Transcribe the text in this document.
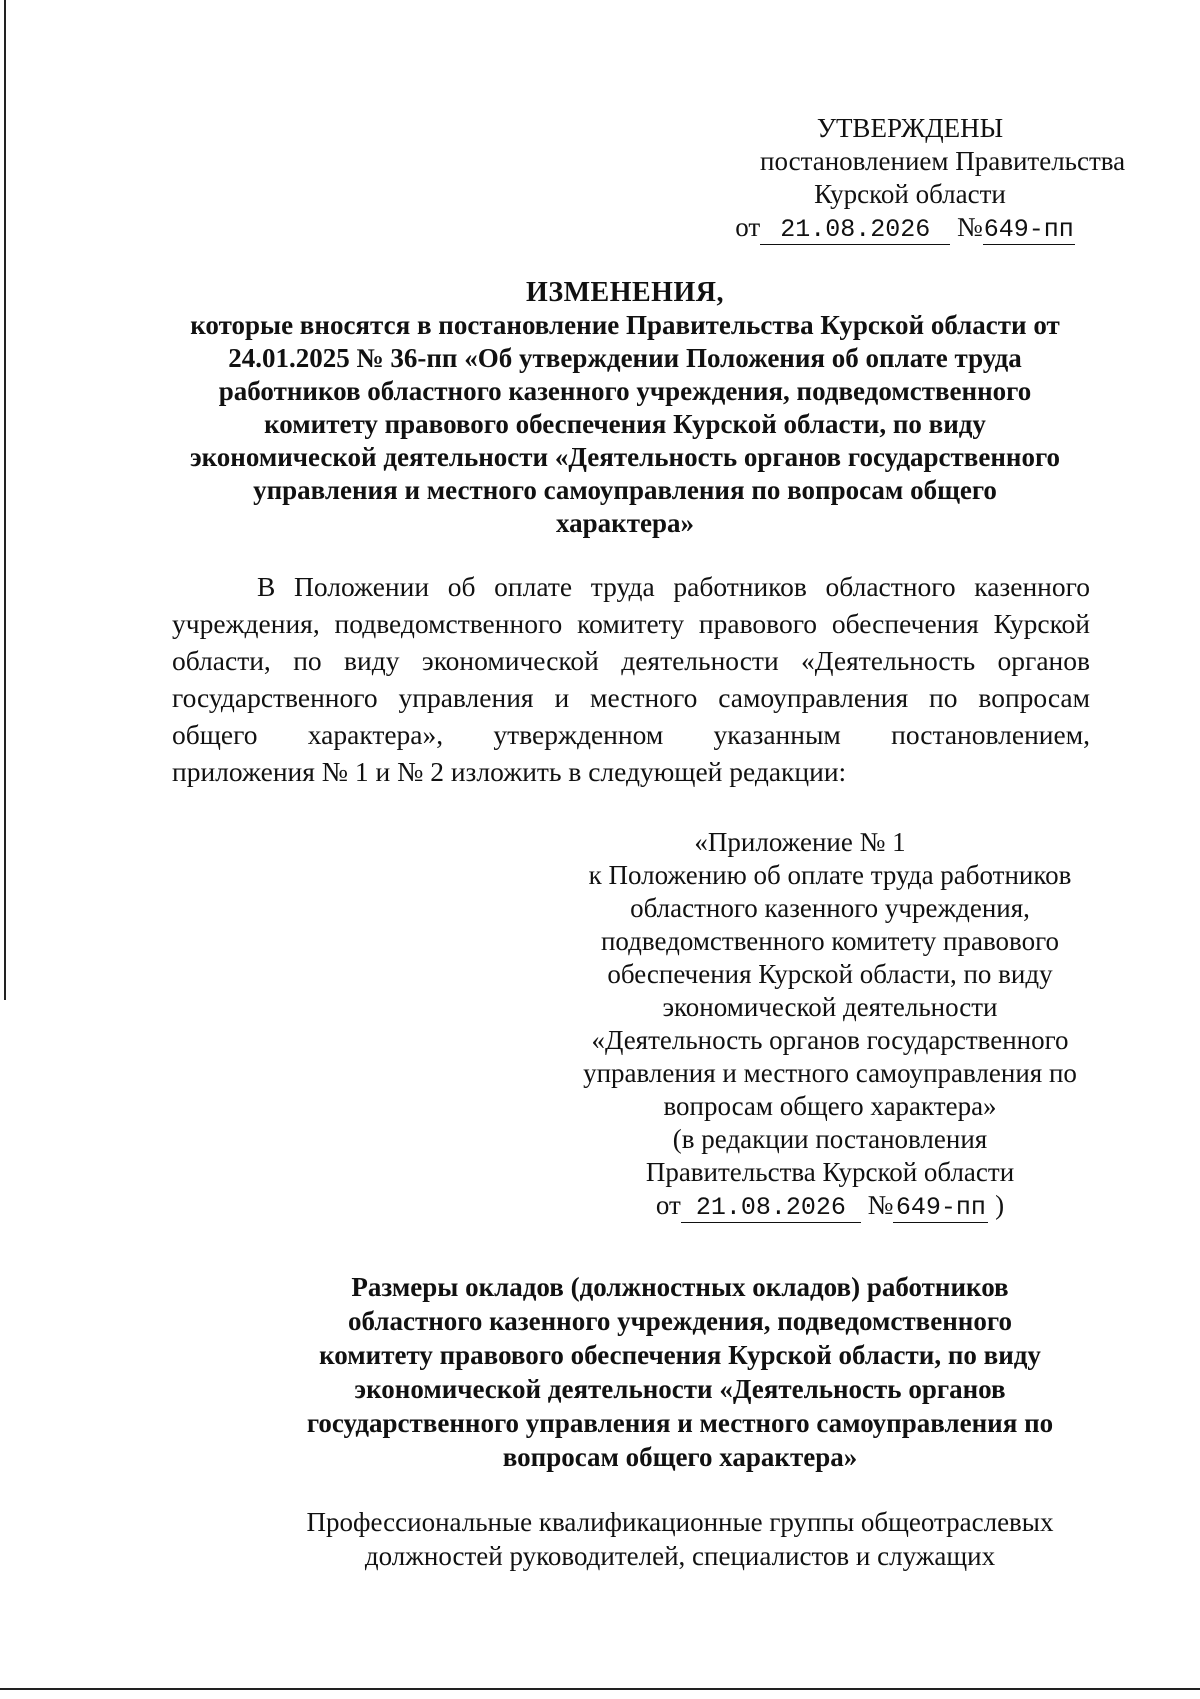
УТВЕРЖДЕНЫ
постановлением Правительства
Курской области
от 21.08.2026 №649-пп
ИЗМЕНЕНИЯ,
которые вносятся в постановление Правительства Курской области от
24.01.2025 № 36-пп «Об утверждении Положения об оплате труда
работников областного казенного учреждения, подведомственного
комитету правового обеспечения Курской области, по виду
экономической деятельности «Деятельность органов государственного
управления и местного самоуправления по вопросам общего
характера»
В Положении об оплате труда работников областного казенного
учреждения, подведомственного комитету правового обеспечения Курской
области, по виду экономической деятельности «Деятельность органов
государственного управления и местного самоуправления по вопросам
общего характера», утвержденном указанным постановлением,
приложения № 1 и № 2 изложить в следующей редакции:
«Приложение № 1
к Положению об оплате труда работников
областного казенного учреждения,
подведомственного комитету правового
обеспечения Курской области, по виду
экономической деятельности
«Деятельность органов государственного
управления и местного самоуправления по
вопросам общего характера»
(в редакции постановления
Правительства Курской области
от 21.08.2026 №649-пп )
Размеры окладов (должностных окладов) работников
областного казенного учреждения, подведомственного
комитету правового обеспечения Курской области, по виду
экономической деятельности «Деятельность органов
государственного управления и местного самоуправления по
вопросам общего характера»
Профессиональные квалификационные группы общеотраслевых
должностей руководителей, специалистов и служащих
